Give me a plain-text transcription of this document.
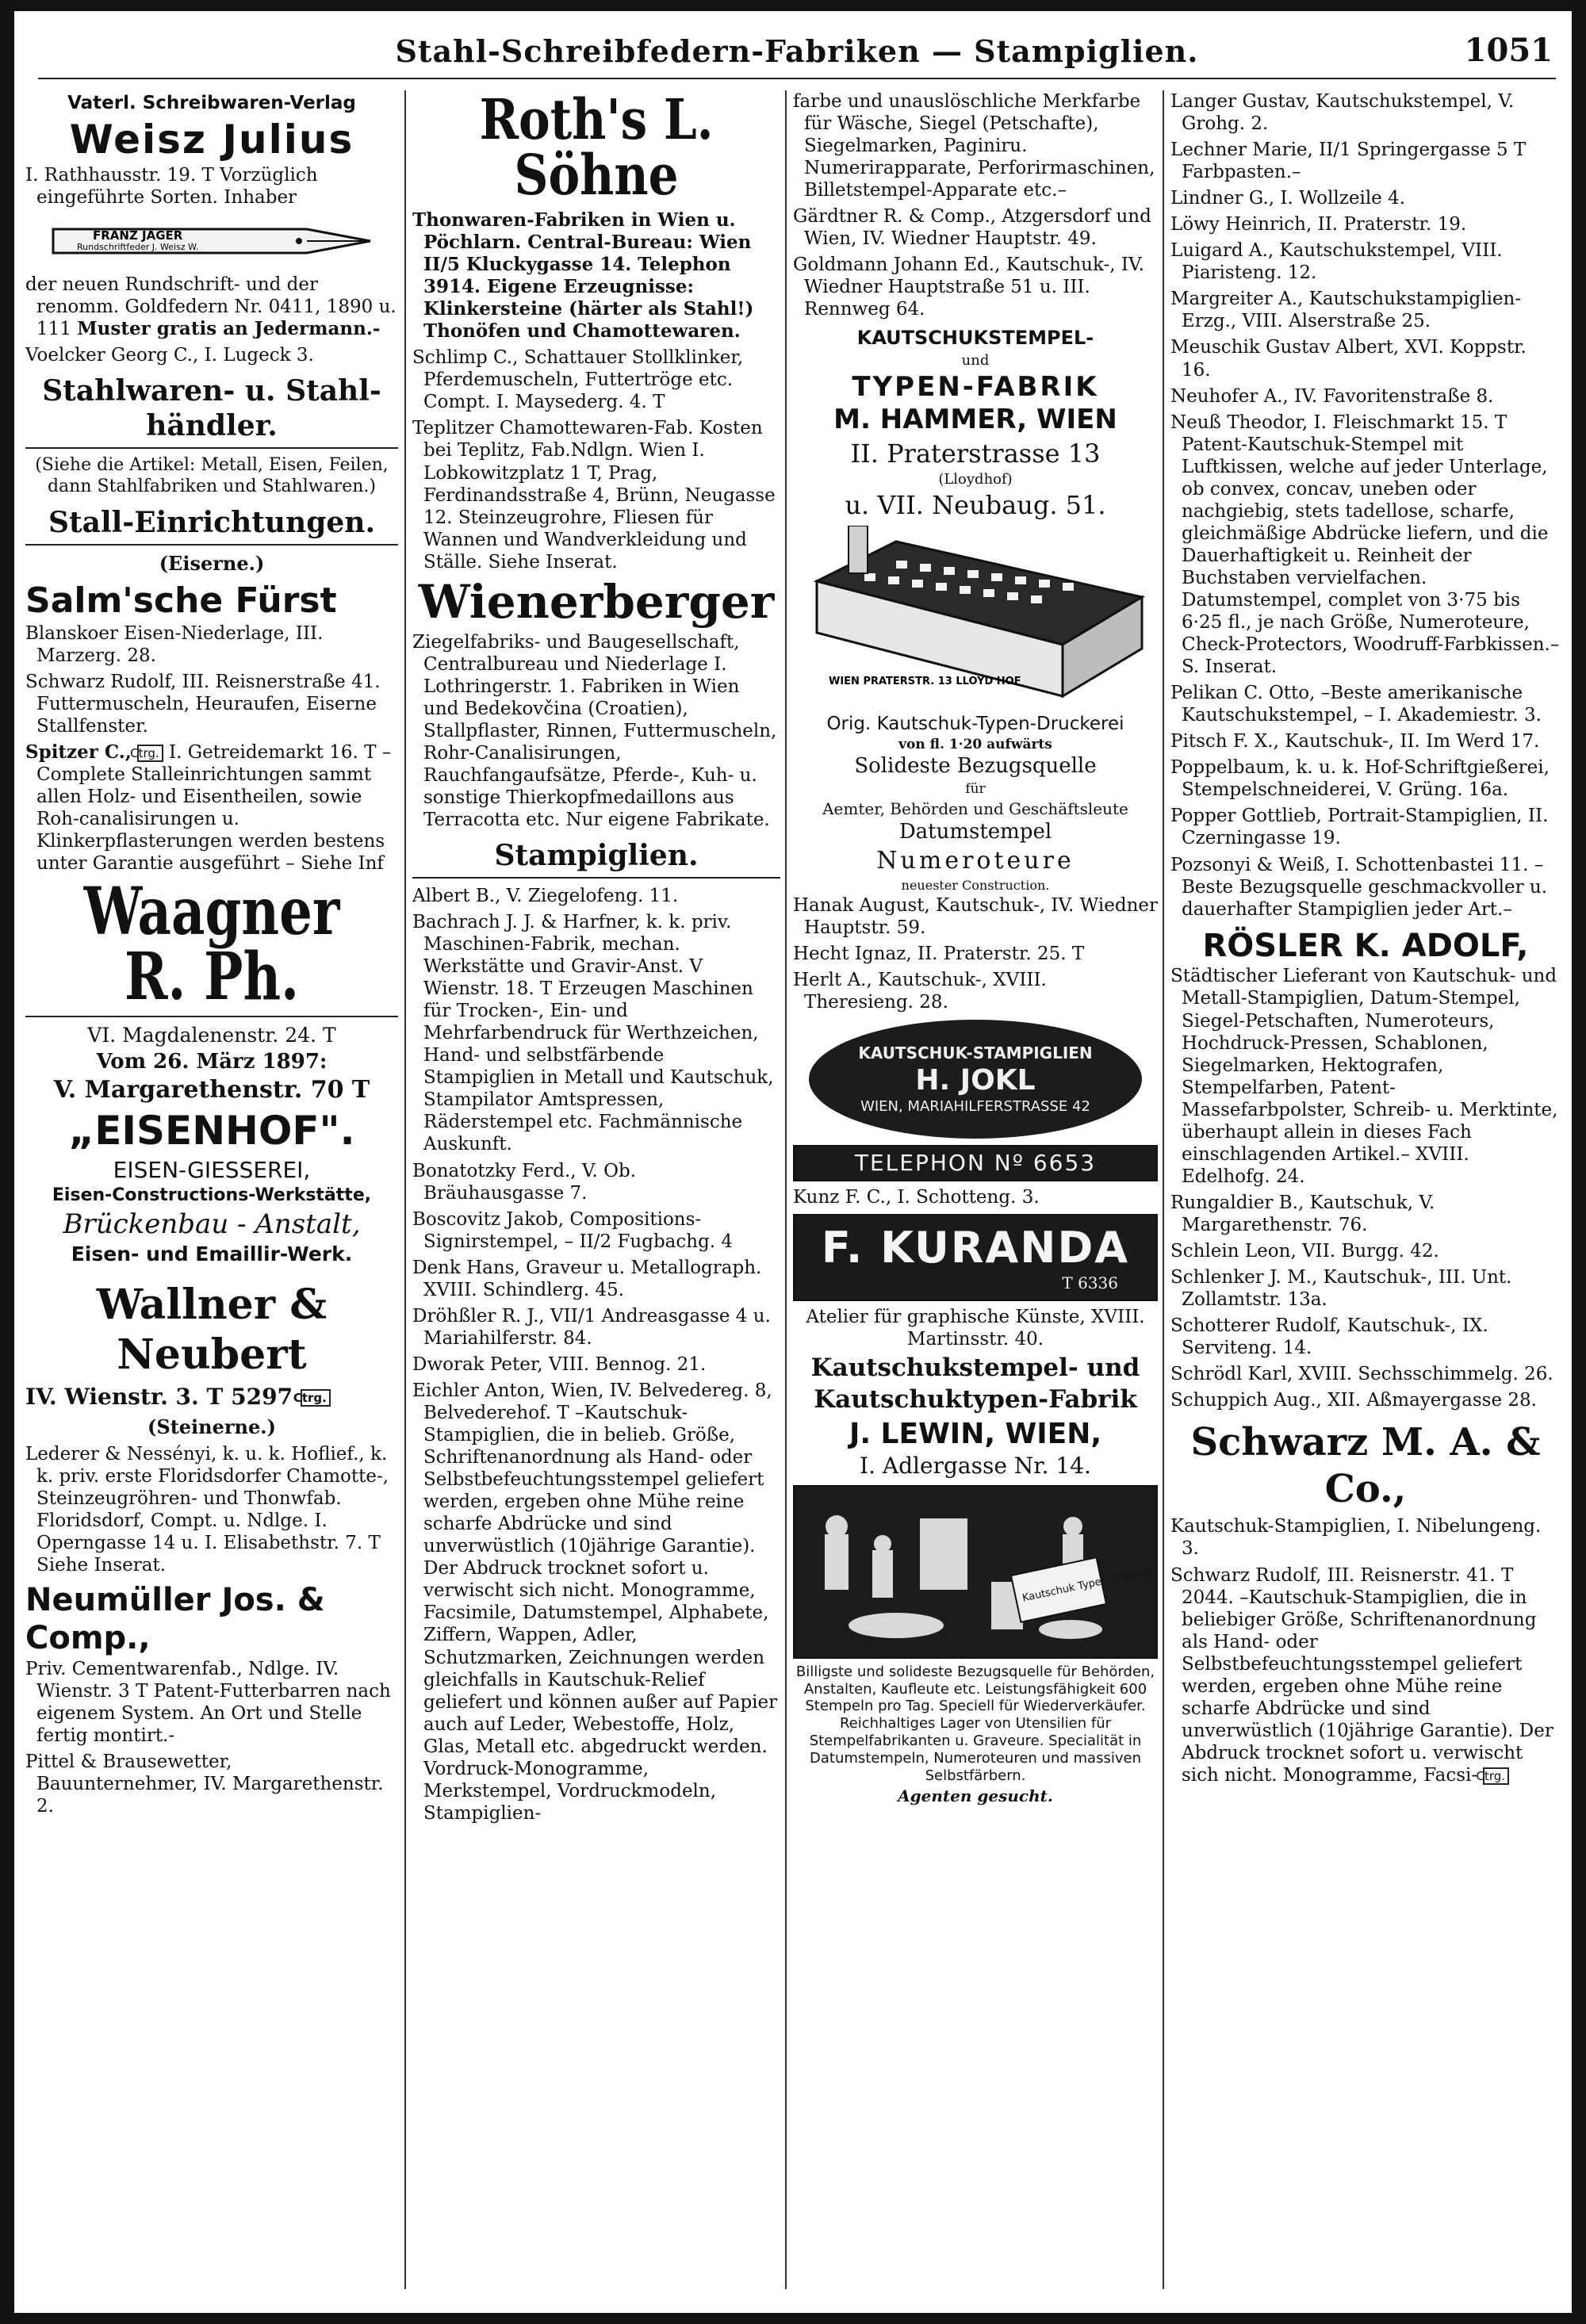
Stahl-Schreibfedern-Fabriken — Stampiglien.	1051
Vaterl. Schreibwaren-Verlag
Weisz Julius
I. Rathhausstr. 19. T Vorzüglich eingeführte Sorten. Inhaber
FRANZ JÄGER
Rundschriftfeder J. Weisz W.
der neuen Rundschrift- und der renomm. Goldfedern Nr. 0411, 1890 u. 111 Muster gratis an Jedermann.-
Voelcker Georg C., I. Lugeck 3.
Stahlwaren- u. Stahl-händler.
(Siehe die Artikel: Metall, Eisen, Feilen, dann Stahlfabriken und Stahlwaren.)
Stall-Einrichtungen.
(Eiserne.)
Salm'sche Fürst
Blanskoer Eisen-Niederlage, III. Marzerg. 28.
Schwarz Rudolf, III. Reisnerstraße 41. Futtermuscheln, Heuraufen, Eiserne Stallfenster.
Spitzer C., Ctrg. I. Getreidemarkt 16. T –Complete Stalleinrichtungen sammt allen Holz- und Eisentheilen, sowie Roh-canalisirungen u. Klinkerpflasterungen werden bestens unter Garantie ausgeführt – Siehe Inf
Waagner R. Ph.
VI. Magdalenenstr. 24. T
Vom 26. März 1897:
V. Margarethenstr. 70 T
„EISENHOF".
EISEN-GIESSEREI,
Eisen-Constructions-Werkstätte,
Brückenbau - Anstalt,
Eisen- und Emaillir-Werk.
Wallner & Neubert
IV. Wienstr. 3. T 5297 Ctrg.
(Steinerne.)
Lederer & Nessényi, k. u. k. Hoflief., k. k. priv. erste Floridsdorfer Chamotte-, Steinzeugröhren- und Thonwfab. Floridsdorf, Compt. u. Ndlge. I. Operngasse 14 u. I. Elisabethstr. 7. T Siehe Inserat.
Neumüller Jos. & Comp.,
Priv. Cementwarenfab., Ndlge. IV. Wienstr. 3 T Patent-Futterbarren nach eigenem System. An Ort und Stelle fertig montirt.-
Pittel & Brausewetter, Bauunternehmer, IV. Margarethenstr. 2.
Roth's L. Söhne
Thonwaren-Fabriken in Wien u. Pöchlarn. Central-Bureau: Wien II/5 Kluckygasse 14. Telephon 3914. Eigene Erzeugnisse: Klinkersteine (härter als Stahl!) Thonöfen und Chamottewaren.
Schlimp C., Schattauer Stollklinker, Pferdemuscheln, Futtertröge etc. Compt. I. Maysederg. 4. T
Teplitzer Chamottewaren-Fab. Kosten bei Teplitz, Fab.Ndlgn. Wien I. Lobkowitzplatz 1 T, Prag, Ferdinandsstraße 4, Brünn, Neugasse 12. Steinzeugrohre, Fliesen für Wannen und Wandverkleidung und Ställe. Siehe Inserat.
Wienerberger
Ziegelfabriks- und Baugesellschaft, Centralbureau und Niederlage I. Lothringerstr. 1. Fabriken in Wien und Bedekovčina (Croatien), Stallpflaster, Rinnen, Futtermuscheln, Rohr-Canalisirungen, Rauchfangaufsätze, Pferde-, Kuh- u. sonstige Thierkopfmedaillons aus Terracotta etc. Nur eigene Fabrikate.
Stampiglien.
Albert B., V. Ziegelofeng. 11.
Bachrach J. J. & Harfner, k. k. priv. Maschinen-Fabrik, mechan. Werkstätte und Gravir-Anst. V Wienstr. 18. T Erzeugen Maschinen für Trocken-, Ein- und Mehrfarbendruck für Werthzeichen, Hand- und selbstfärbende Stampiglien in Metall und Kautschuk, Stampilator Amtspressen, Räderstempel etc. Fachmännische Auskunft.
Bonatotzky Ferd., V. Ob. Bräuhausgasse 7.
Boscovitz Jakob, Compositions- Signirstempel, – II/2 Fugbachg. 4
Denk Hans, Graveur u. Metallograph. XVIII. Schindlerg. 45.
Dröhßler R. J., VII/1 Andreasgasse 4 u. Mariahilferstr. 84.
Dworak Peter, VIII. Bennog. 21.
Eichler Anton, Wien, IV. Belvedereg. 8, Belvederehof. T –Kautschuk-Stampiglien, die in belieb. Größe, Schriftenanordnung als Hand- oder Selbstbefeuchtungsstempel geliefert werden, ergeben ohne Mühe reine scharfe Abdrücke und sind unverwüstlich (10jährige Garantie). Der Abdruck trocknet sofort u. verwischt sich nicht. Monogramme, Facsimile, Datumstempel, Alphabete, Ziffern, Wappen, Adler, Schutzmarken, Zeichnungen werden gleichfalls in Kautschuk-Relief geliefert und können außer auf Papier auch auf Leder, Webestoffe, Holz, Glas, Metall etc. abgedruckt werden. Vordruck-Monogramme, Merkstempel, Vordruckmodeln, Stampiglien-
farbe und unauslöschliche Merkfarbe für Wäsche, Siegel (Petschafte), Siegelmarken, Paginiru. Numerirapparate, Perforirmaschinen, Billetstempel-Apparate etc.–
Gärdtner R. & Comp., Atzgersdorf und Wien, IV. Wiedner Hauptstr. 49.
Goldmann Johann Ed., Kautschuk-, IV. Wiedner Hauptstraße 51 u. III. Rennweg 64.
KAUTSCHUKSTEMPEL-
und
TYPEN-FABRIK
M. HAMMER, WIEN
II. Praterstrasse 13
(Lloydhof)
u. VII. Neubaug. 51.
WIEN PRATERSTR. 13 LLOYD HOF
Orig. Kautschuk-Typen-Druckerei
von fl. 1·20 aufwärts
Solideste Bezugsquelle
für
Aemter, Behörden und Geschäftsleute
Datumstempel
Numeroteure
neuester Construction.
Hanak August, Kautschuk-, IV. Wiedner Hauptstr. 59.
Hecht Ignaz, II. Praterstr. 25. T
Herlt A., Kautschuk-, XVIII. Theresieng. 28.
KAUTSCHUK-STAMPIGLIEN
H. JOKL
WIEN, MARIAHILFERSTRASSE 42
TELEPHON Nº 6653
Kunz F. C., I. Schotteng. 3.
F. KURANDA
T 6336
Atelier für graphische Künste, XVIII. Martinsstr. 40.
Kautschukstempel- und
Kautschuktypen-Fabrik
J. LEWIN, WIEN,
I. Adlergasse Nr. 14.
Kautschuk Typen Drucker
Billigste und solideste Bezugsquelle für Behörden, Anstalten, Kaufleute etc. Leistungsfähigkeit 600 Stempeln pro Tag. Speciell für Wiederverkäufer. Reichhaltiges Lager von Utensilien für Stempelfabrikanten u. Graveure. Specialität in Datumstempeln, Numeroteuren und massiven Selbstfärbern.
Agenten gesucht.
Langer Gustav, Kautschukstempel, V. Grohg. 2.
Lechner Marie, II/1 Springergasse 5 T Farbpasten.–
Lindner G., I. Wollzeile 4.
Löwy Heinrich, II. Praterstr. 19.
Luigard A., Kautschukstempel, VIII. Piaristeng. 12.
Margreiter A., Kautschukstampiglien-Erzg., VIII. Alserstraße 25.
Meuschik Gustav Albert, XVI. Koppstr. 16.
Neuhofer A., IV. Favoritenstraße 8.
Neuß Theodor, I. Fleischmarkt 15. T Patent-Kautschuk-Stempel mit Luftkissen, welche auf jeder Unterlage, ob convex, concav, uneben oder nachgiebig, stets tadellose, scharfe, gleichmäßige Abdrücke liefern, und die Dauerhaftigkeit u. Reinheit der Buchstaben vervielfachen. Datumstempel, complet von 3·75 bis 6·25 fl., je nach Größe, Numeroteure, Check-Protectors, Woodruff-Farbkissen.– S. Inserat.
Pelikan C. Otto, –Beste amerikanische Kautschukstempel, – I. Akademiestr. 3.
Pitsch F. X., Kautschuk-, II. Im Werd 17.
Poppelbaum, k. u. k. Hof-Schriftgießerei, Stempelschneiderei, V. Grüng. 16a.
Popper Gottlieb, Portrait-Stampiglien, II. Czerningasse 19.
Pozsonyi & Weiß, I. Schottenbastei 11. –Beste Bezugsquelle geschmackvoller u. dauerhafter Stampiglien jeder Art.–
RÖSLER K. ADOLF,
Städtischer Lieferant von Kautschuk- und Metall-Stampiglien, Datum-Stempel, Siegel-Petschaften, Numeroteurs, Hochdruck-Pressen, Schablonen, Siegelmarken, Hektografen, Stempelfarben, Patent-Massefarbpolster, Schreib- u. Merktinte, überhaupt allein in dieses Fach einschlagenden Artikel.– XVIII. Edelhofg. 24.
Rungaldier B., Kautschuk, V. Margarethenstr. 76.
Schlein Leon, VII. Burgg. 42.
Schlenker J. M., Kautschuk-, III. Unt. Zollamtstr. 13a.
Schotterer Rudolf, Kautschuk-, IX. Serviteng. 14.
Schrödl Karl, XVIII. Sechsschimmelg. 26.
Schuppich Aug., XII. Aßmayergasse 28.
Schwarz M. A. & Co.,
Kautschuk-Stampiglien, I. Nibelungeng. 3.
Schwarz Rudolf, III. Reisnerstr. 41. T 2044. –Kautschuk-Stampiglien, die in beliebiger Größe, Schriftenanordnung als Hand- oder Selbstbefeuchtungsstempel geliefert werden, ergeben ohne Mühe reine scharfe Abdrücke und sind unverwüstlich (10jährige Garantie). Der Abdruck trocknet sofort u. verwischt sich nicht. Monogramme, Facsi- Ctrg.
